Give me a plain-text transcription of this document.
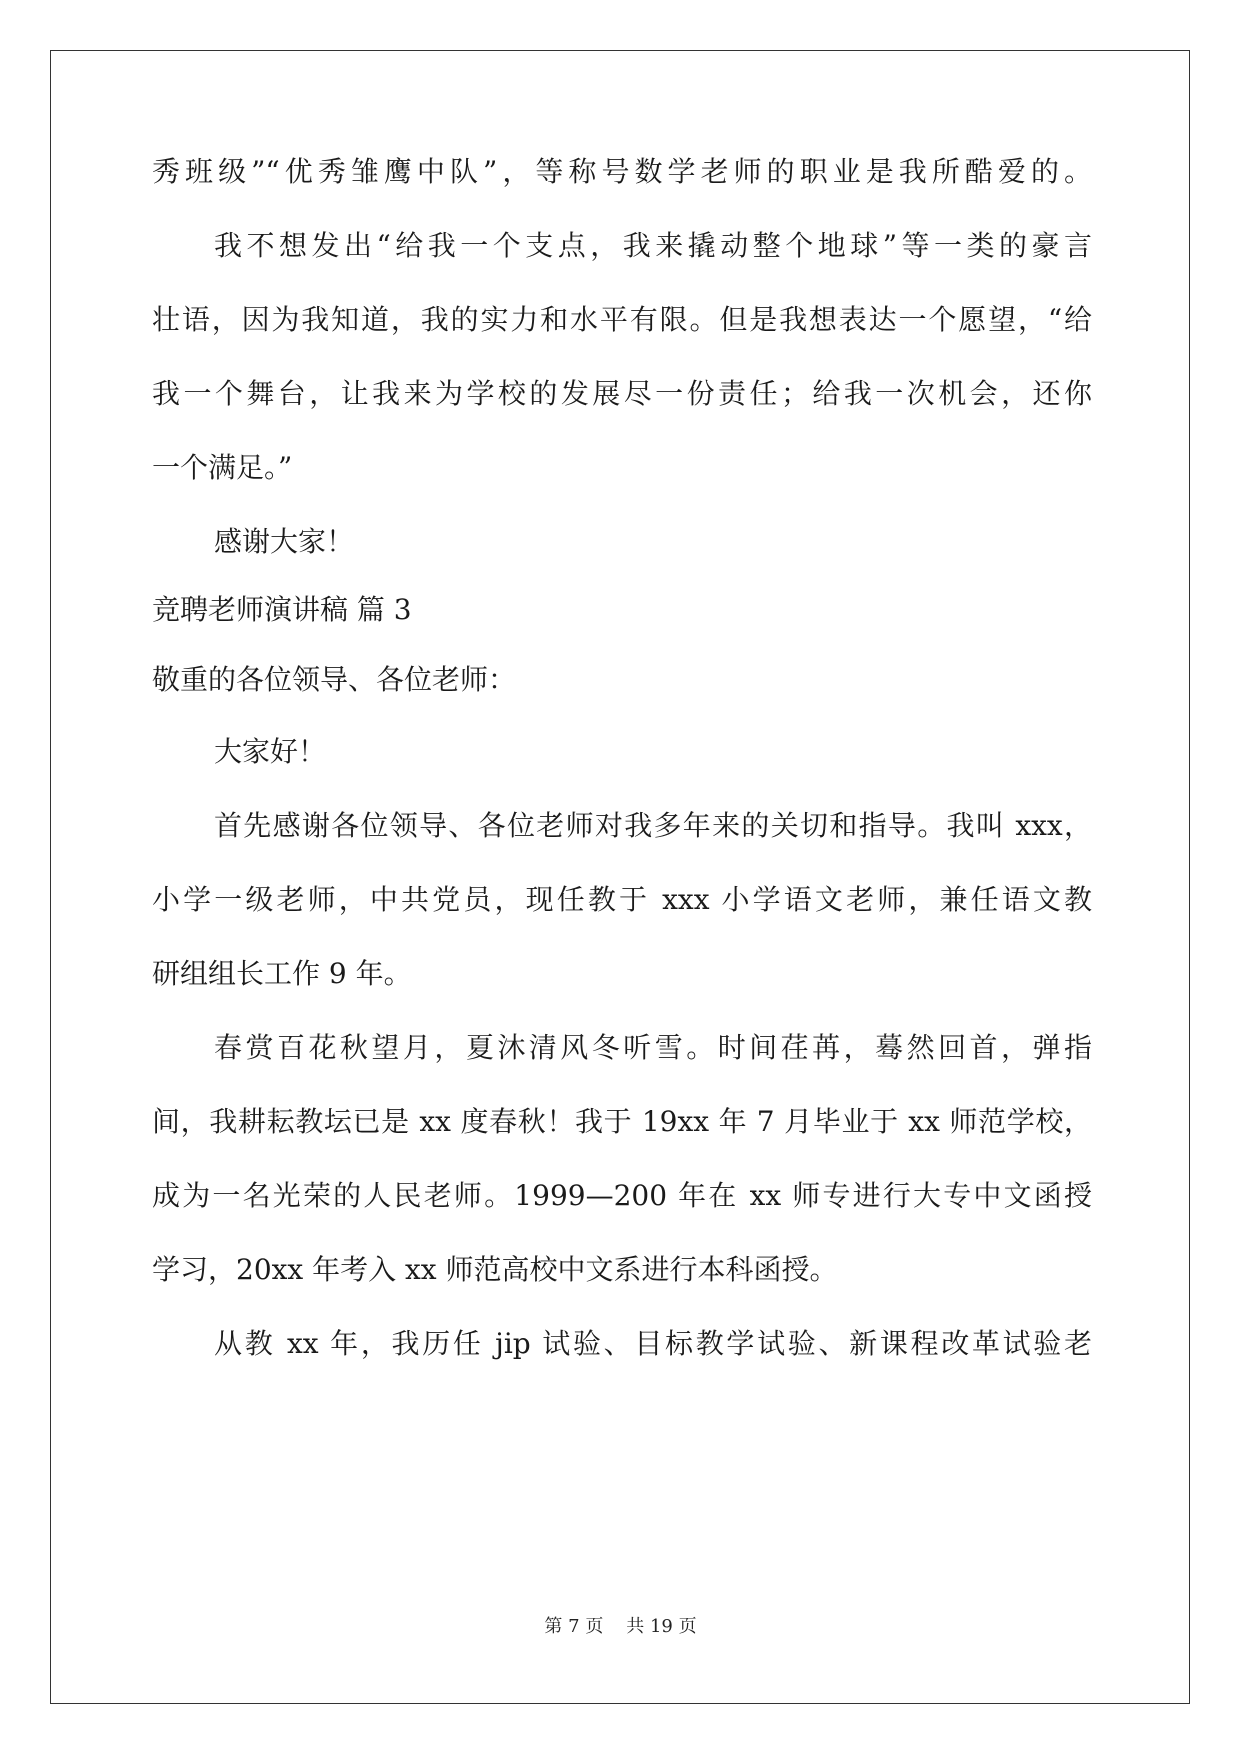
秀班级”“优秀雏鹰中队”，等称号数学老师的职业是我所酷爱的。
我不想发出“给我一个支点，我来撬动整个地球”等一类的豪言
壮语，因为我知道，我的实力和水平有限。但是我想表达一个愿望，“给
我一个舞台，让我来为学校的发展尽一份责任；给我一次机会，还你
一个满足。”
感谢大家！
竞聘老师演讲稿 篇 3
敬重的各位领导、各位老师：
大家好！
首先感谢各位领导、各位老师对我多年来的关切和指导。我叫 xxx，
小学一级老师，中共党员，现任教于 xxx 小学语文老师，兼任语文教
研组组长工作 9 年。
春赏百花秋望月，夏沐清风冬听雪。时间荏苒，蓦然回首，弹指
间，我耕耘教坛已是 xx 度春秋！我于 19xx 年 7 月毕业于 xx 师范学校，
成为一名光荣的人民老师。1999—200 年在 xx 师专进行大专中文函授
学习，20xx 年考入 xx 师范高校中文系进行本科函授。
从教 xx 年，我历任 jip 试验、目标教学试验、新课程改革试验老
第 7 页 共 19 页
